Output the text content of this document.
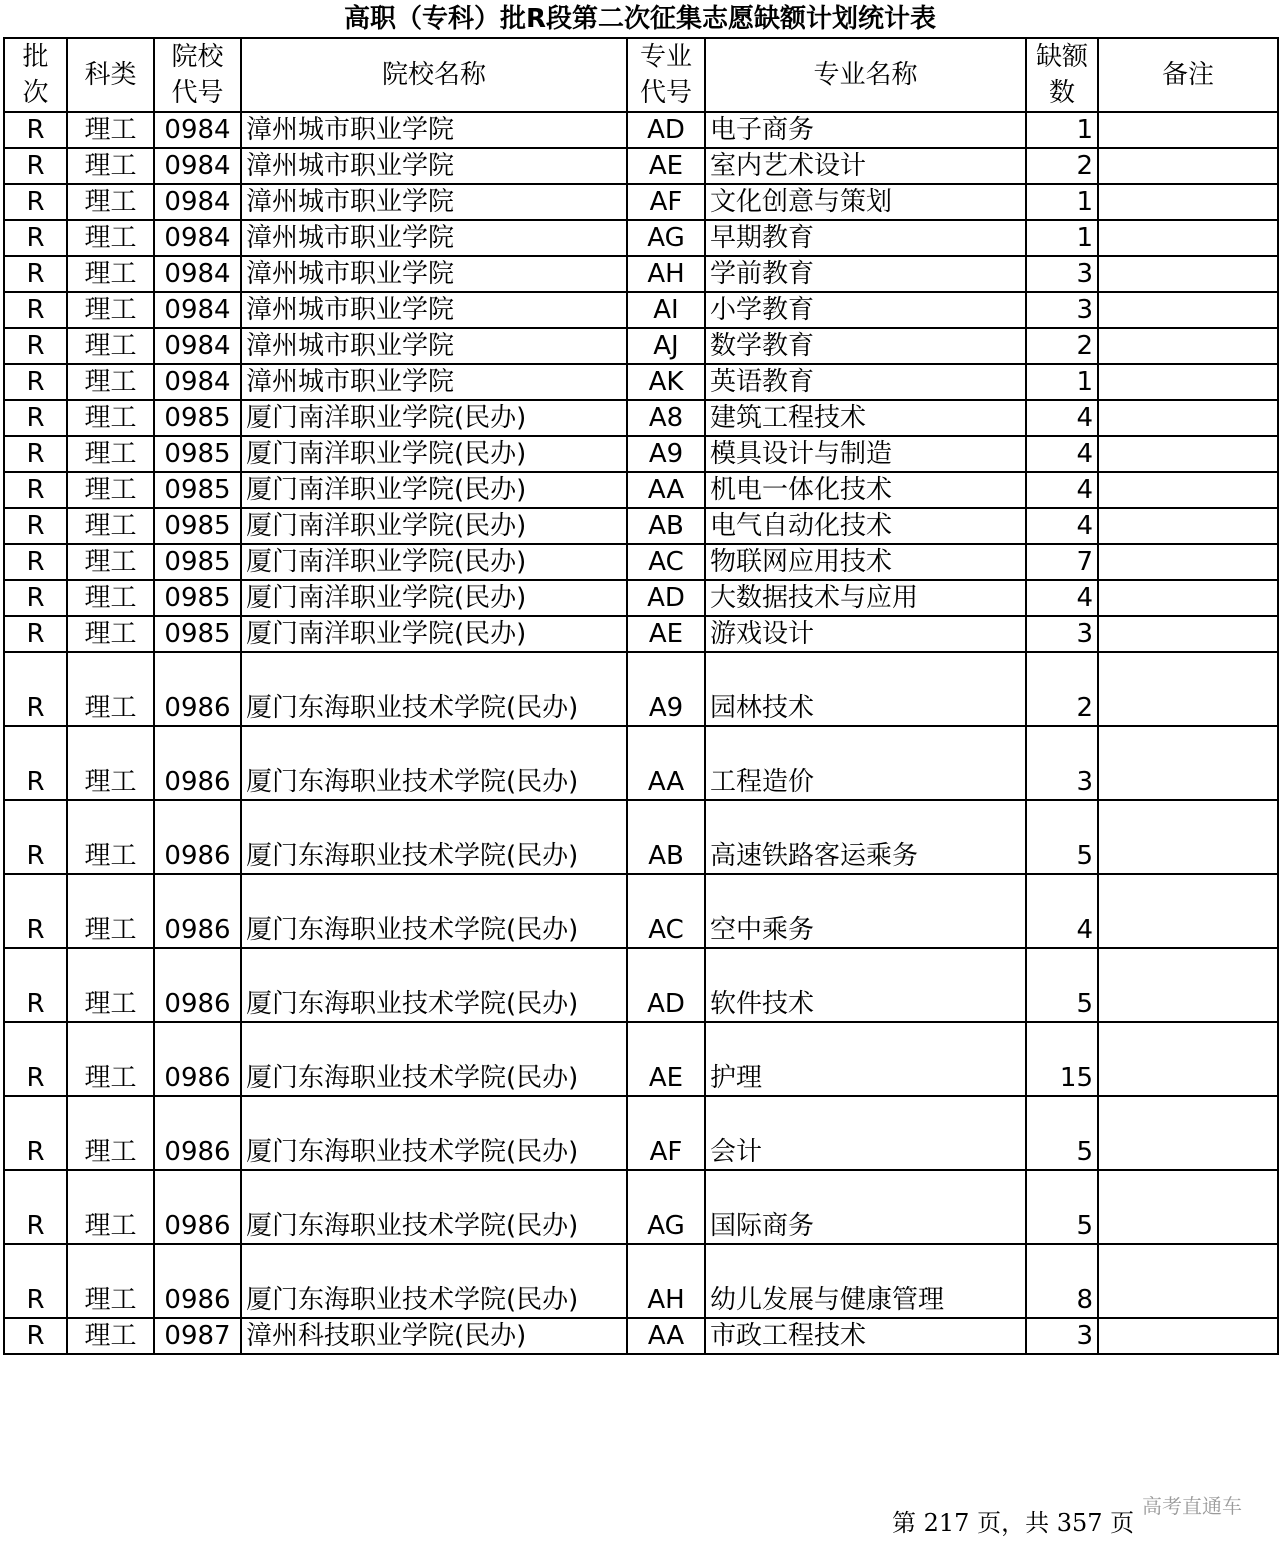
高职（专科）批R段第二次征集志愿缺额计划统计表
批次	科类	院校代号	院校名称	专业代号	专业名称	缺额数	备注
R	理工	0984	漳州城市职业学院	AD	电子商务	1	
R	理工	0984	漳州城市职业学院	AE	室内艺术设计	2	
R	理工	0984	漳州城市职业学院	AF	文化创意与策划	1	
R	理工	0984	漳州城市职业学院	AG	早期教育	1	
R	理工	0984	漳州城市职业学院	AH	学前教育	3	
R	理工	0984	漳州城市职业学院	AI	小学教育	3	
R	理工	0984	漳州城市职业学院	AJ	数学教育	2	
R	理工	0984	漳州城市职业学院	AK	英语教育	1	
R	理工	0985	厦门南洋职业学院(民办)	A8	建筑工程技术	4	
R	理工	0985	厦门南洋职业学院(民办)	A9	模具设计与制造	4	
R	理工	0985	厦门南洋职业学院(民办)	AA	机电一体化技术	4	
R	理工	0985	厦门南洋职业学院(民办)	AB	电气自动化技术	4	
R	理工	0985	厦门南洋职业学院(民办)	AC	物联网应用技术	7	
R	理工	0985	厦门南洋职业学院(民办)	AD	大数据技术与应用	4	
R	理工	0985	厦门南洋职业学院(民办)	AE	游戏设计	3	
R	理工	0986	厦门东海职业技术学院(民办)	A9	园林技术	2	
R	理工	0986	厦门东海职业技术学院(民办)	AA	工程造价	3	
R	理工	0986	厦门东海职业技术学院(民办)	AB	高速铁路客运乘务	5	
R	理工	0986	厦门东海职业技术学院(民办)	AC	空中乘务	4	
R	理工	0986	厦门东海职业技术学院(民办)	AD	软件技术	5	
R	理工	0986	厦门东海职业技术学院(民办)	AE	护理	15	
R	理工	0986	厦门东海职业技术学院(民办)	AF	会计	5	
R	理工	0986	厦门东海职业技术学院(民办)	AG	国际商务	5	
R	理工	0986	厦门东海职业技术学院(民办)	AH	幼儿发展与健康管理	8	
R	理工	0987	漳州科技职业学院(民办)	AA	市政工程技术	3	
高考直通车
第 217 页，共 357 页
